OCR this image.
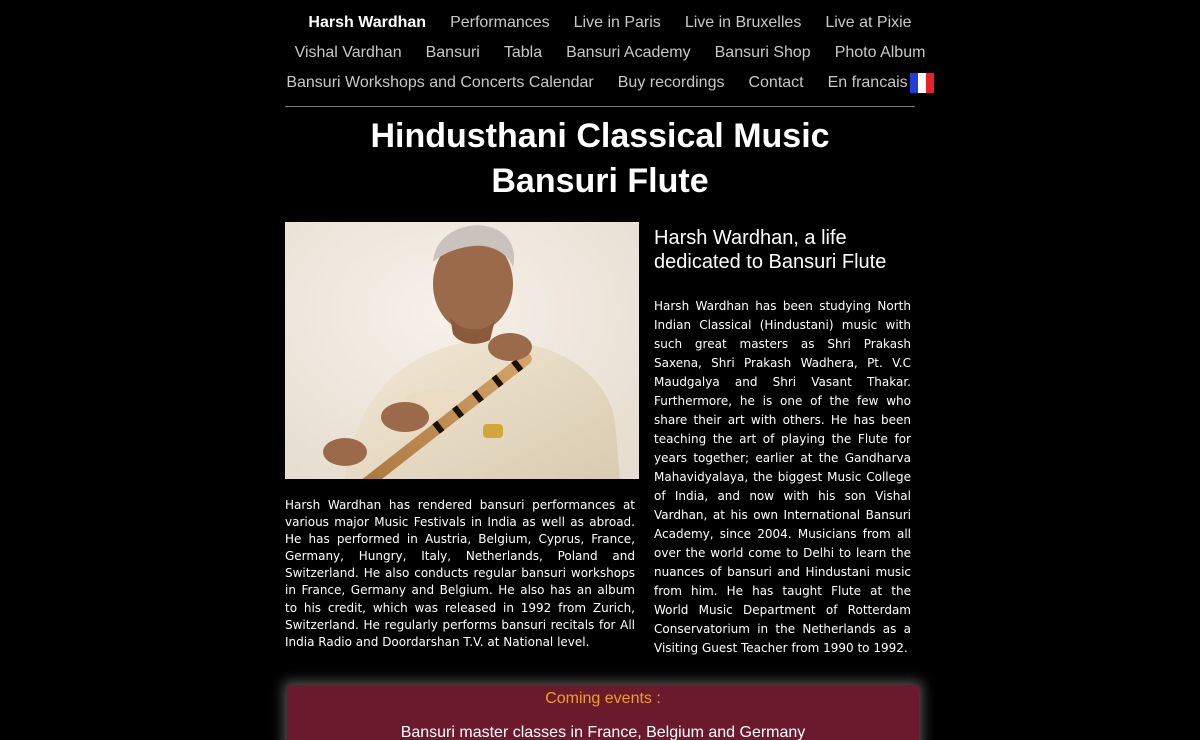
Harsh Wardhan Performances Live in Paris Live in Bruxelles Live at Pixie
Vishal Vardhan Bansuri Tabla Bansuri Academy Bansuri Shop Photo Album
Bansuri Workshops and Concerts Calendar Buy recordings Contact En francais
Hindusthani Classical Music
Bansuri Flute

Harsh Wardhan has rendered bansuri performances at various major Music Festivals in India as well as abroad. He has performed in Austria, Belgium, Cyprus, France, Germany, Hungry, Italy, Netherlands, Poland and Switzerland. He also conducts regular bansuri workshops in France, Germany and Belgium. He also has an album to his credit, which was released in 1992 from Zurich, Switzerland. He regularly performs bansuri recitals for All India Radio and Doordarshan T.V. at National level.

Harsh Wardhan, a life dedicated to Bansuri Flute

Harsh Wardhan has been studying North Indian Classical (Hindustani) music with such great masters as Shri Prakash Saxena, Shri Prakash Wadhera, Pt. V.C Maudgalya and Shri Vasant Thakar. Furthermore, he is one of the few who share their art with others. He has been teaching the art of playing the Flute for years together; earlier at the Gandharva Mahavidyalaya, the biggest Music College of India, and now with his son Vishal Vardhan, at his own International Bansuri Academy, since 2004. Musicians from all over the world come to Delhi to learn the nuances of bansuri and Hindustani music from him. He has taught Flute at the World Music Department of Rotterdam Conservatorium in the Netherlands as a Visiting Guest Teacher from 1990 to 1992.

Coming events :
Bansuri master classes in France, Belgium and Germany
